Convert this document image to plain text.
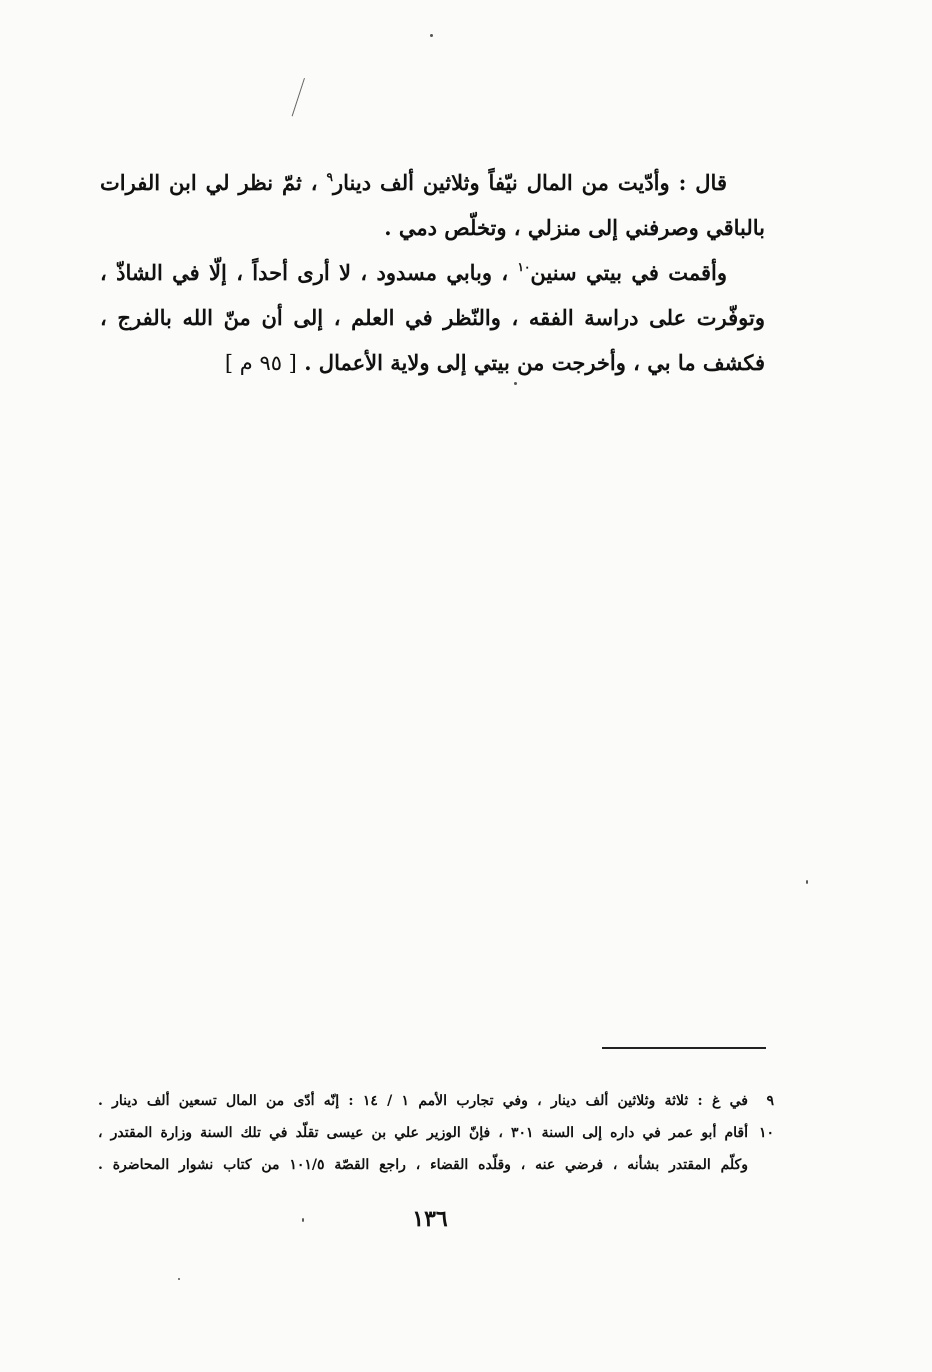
قال : وأدّيت من المال نيّفاً وثلاثين ألف دينار$^٩$ ، ثمّ نظر لي ابن الفرات بالباقي وصرفني إلى منزلي ، وتخلّص دمي .

وأقمت في بيتي سنين$^{١٠}$ ، وبابي مسدود ، لا أرى أحداً ، إلّا في الشاذّ ، وتوفّرت على دراسة الفقه ، والنّظر في العلم ، إلى أن منّ الله بالفرج ، فكشف ما بي ، وأخرجت من بيتي إلى ولاية الأعمال . [ ٩٥ م ]

٩
في غ : ثلاثة وثلاثين ألف دينار ، وفي تجارب الأمم ١ / ١٤ : إنّه أدّى من المال تسعين ألف دينار .
١٠
أقام أبو عمر في داره إلى السنة ٣٠١ ، فإنّ الوزير علي بن عيسى تقلّد في تلك السنة وزارة المقتدر ،
وكلّم المقتدر بشأنه ، فرضي عنه ، وقلّده القضاء ، راجع القصّة ١٠١/٥ من كتاب نشوار المحاضرة .
١٣٦
